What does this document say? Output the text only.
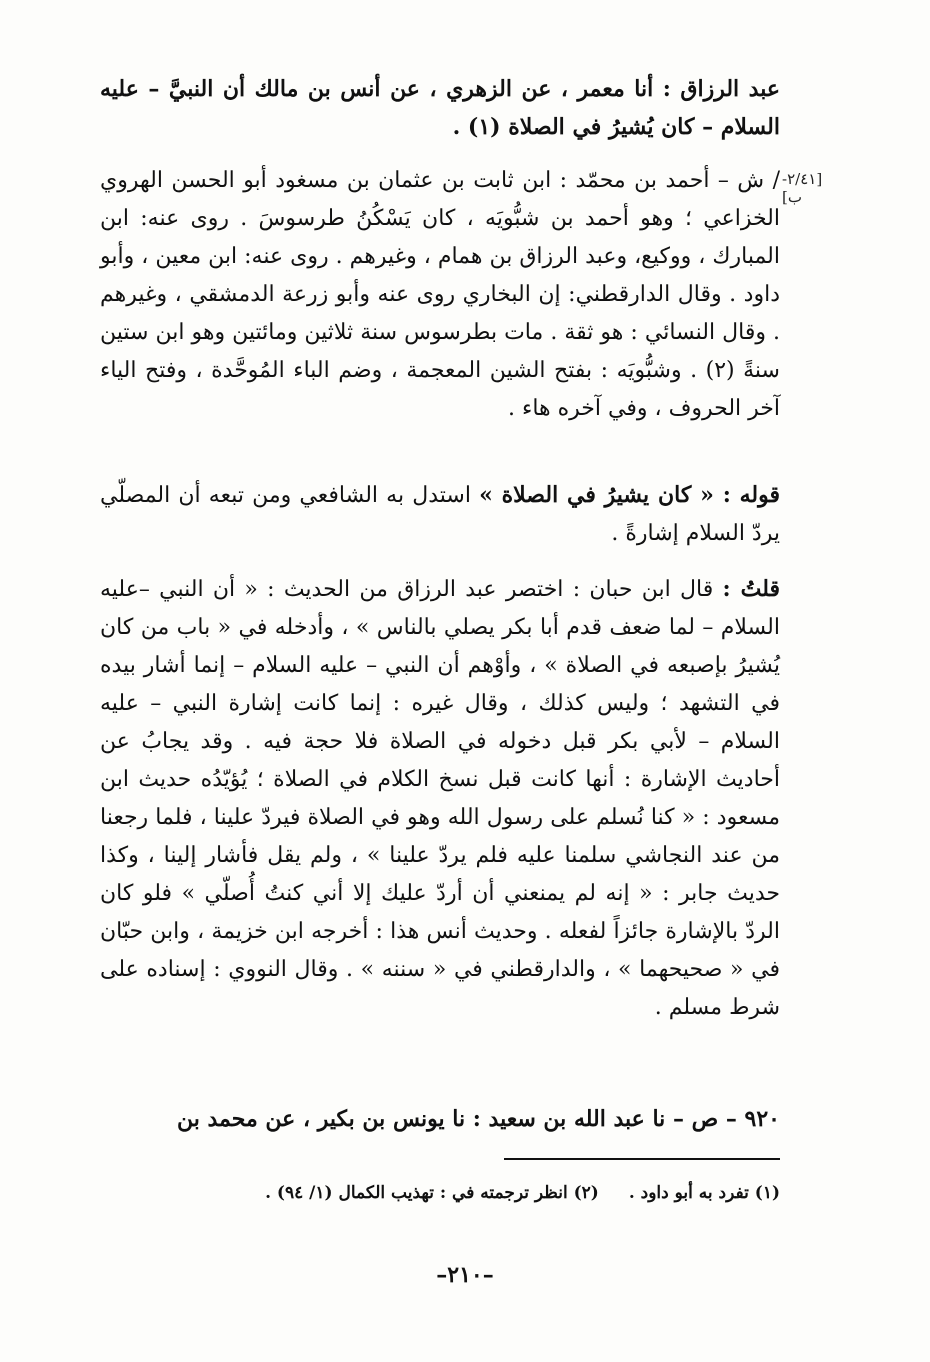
عبد الرزاق : أنا معمر ، عن الزهري ، عن أنس بن مالك أن النبيَّ – عليه السلام – كان يُشيرُ في الصلاة (١) .

[٢/٤١-ب]

/ ش – أحمد بن محمّد : ابن ثابت بن عثمان بن مسغود أبو الحسن الهروي الخزاعي ؛ وهو أحمد بن شبُّويَه ، كان يَسْكُنُ طرسوسَ . روى عنه: ابن المبارك ، ووكيع، وعبد الرزاق بن همام ، وغيرهم . روى عنه: ابن معين ، وأبو داود . وقال الدارقطني: إن البخاري روى عنه وأبو زرعة الدمشقي ، وغيرهم . وقال النسائي : هو ثقة . مات بطرسوس سنة ثلاثين ومائتين وهو ابن ستين سنةً (٢) . وشبُّويَه : بفتح الشين المعجمة ، وضم الباء المُوحَّدة ، وفتح الياء آخر الحروف ، وفي آخره هاء .

قوله : « كان يشيرُ في الصلاة » استدل به الشافعي ومن تبعه أن المصلّي يردّ السلام إشارةً .

قلتُ : قال ابن حبان : اختصر عبد الرزاق من الحديث : « أن النبي –عليه السلام – لما ضعف قدم أبا بكر يصلي بالناس » ، وأدخله في « باب من كان يُشيرُ بإصبعه في الصلاة » ، وأوْهم أن النبي – عليه السلام – إنما أشار بيده في التشهد ؛ وليس كذلك ، وقال غيره : إنما كانت إشارة النبي – عليه السلام – لأبي بكر قبل دخوله في الصلاة فلا حجة فيه . وقد يجابُ عن أحاديث الإشارة : أنها كانت قبل نسخ الكلام في الصلاة ؛ يُؤيّدُه حديث ابن مسعود : « كنا نُسلم على رسول الله وهو في الصلاة فيردّ علينا ، فلما رجعنا من عند النجاشي سلمنا عليه فلم يردّ علينا » ، ولم يقل فأشار إلينا ، وكذا حديث جابر : « إنه لم يمنعني أن أردّ عليك إلا أني كنتُ أُصلّي » فلو كان الردّ بالإشارة جائزاً لفعله . وحديث أنس هذا : أخرجه ابن خزيمة ، وابن حبّان في « صحيحهما » ، والدارقطني في « سننه » . وقال النووي : إسناده على شرط مسلم .

٩٢٠ – ص – نا عبد الله بن سعيد : نا يونس بن بكير ، عن محمد بن

(١) تفرد به أبو داود .(٢) انظر ترجمته في : تهذيب الكمال (١/ ٩٤) .
–٢١٠–
